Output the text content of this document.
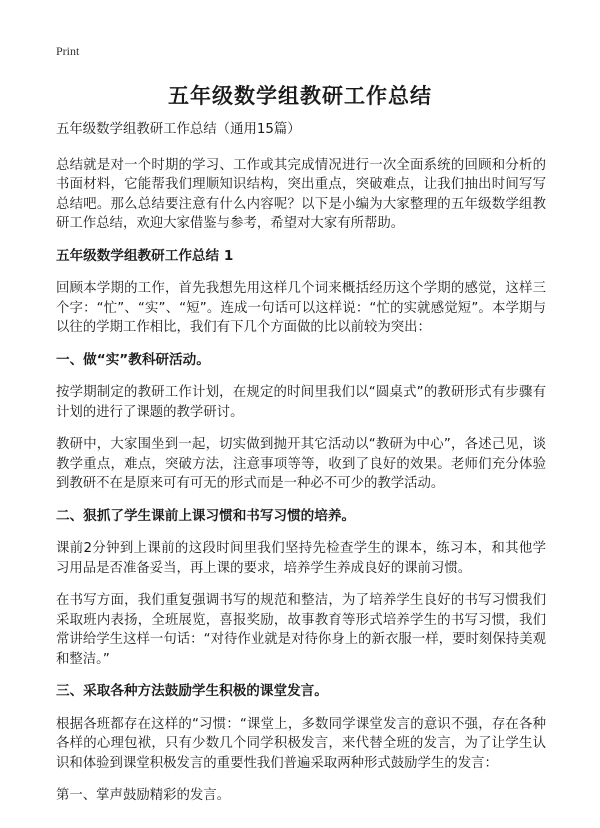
Print
五年级数学组教研工作总结

五年级数学组教研工作总结（通用15篇）

总结就是对一个时期的学习、工作或其完成情况进行一次全面系统的回顾和分析的书面材料，它能帮我们理顺知识结构，突出重点，突破难点，让我们抽出时间写写总结吧。那么总结要注意有什么内容呢？以下是小编为大家整理的五年级数学组教研工作总结，欢迎大家借鉴与参考，希望对大家有所帮助。

五年级数学组教研工作总结 1

回顾本学期的工作，首先我想先用这样几个词来概括经历这个学期的感觉，这样三个字：“忙”、“实”、“短”。连成一句话可以这样说：“忙的实就感觉短”。本学期与以往的学期工作相比，我们有下几个方面做的比以前较为突出：

一、做“实”教科研活动。

按学期制定的教研工作计划，在规定的时间里我们以“圆桌式”的教研形式有步骤有计划的进行了课题的教学研讨。

教研中，大家围坐到一起，切实做到抛开其它活动以“教研为中心”，各述己见，谈教学重点，难点，突破方法，注意事项等等，收到了良好的效果。老师们充分体验到教研不在是原来可有可无的形式而是一种必不可少的教学活动。

二、狠抓了学生课前上课习惯和书写习惯的培养。

课前2分钟到上课前的这段时间里我们坚持先检查学生的课本，练习本，和其他学习用品是否准备妥当，再上课的要求，培养学生养成良好的课前习惯。

在书写方面，我们重复强调书写的规范和整洁，为了培养学生良好的书写习惯我们采取班内表扬，全班展览，喜报奖励，故事教育等形式培养学生的书写习惯，我们常讲给学生这样一句话：“对待作业就是对待你身上的新衣服一样，要时刻保持美观和整洁。”

三、采取各种方法鼓励学生积极的课堂发言。

根据各班都存在这样的“习惯：“课堂上，多数同学课堂发言的意识不强，存在各种各样的心理包袱，只有少数几个同学积极发言，来代替全班的发言，为了让学生认识和体验到课堂积极发言的重要性我们普遍采取两种形式鼓励学生的发言：

第一、掌声鼓励精彩的发言。
